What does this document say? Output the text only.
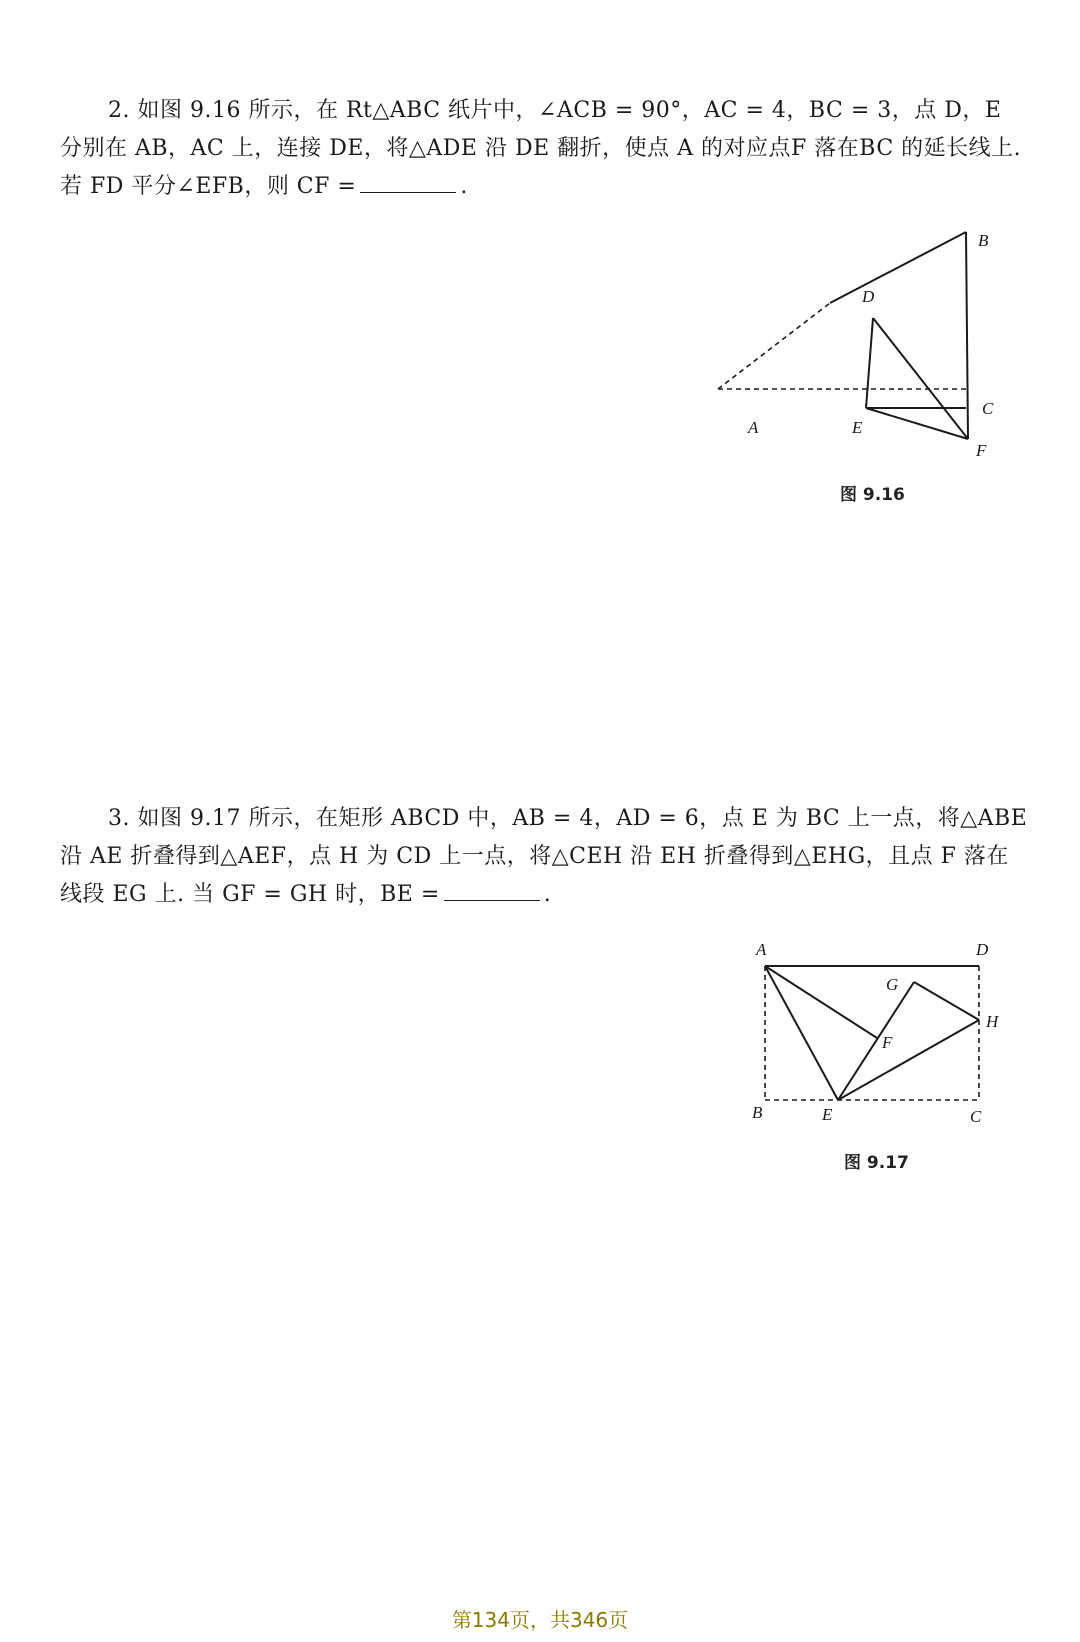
2. 如图 9.16 所示，在 Rt△ABC 纸片中，∠ACB = 90°，AC = 4，BC = 3，点 D，E 分别在 AB，AC 上，连接 DE，将△ADE 沿 DE 翻折，使点 A 的对应点F 落在BC 的延长线上. 若 FD 平分∠EFB，则 CF =	.

B
D
C
A	E
F
图 9.16

3. 如图 9.17 所示，在矩形 ABCD 中，AB = 4，AD = 6，点 E 为 BC 上一点，将△ABE 沿 AE 折叠得到△AEF，点 H 为 CD 上一点，将△CEH 沿 EH 折叠得到△EHG，且点 F 落在线段 EG 上. 当 GF = GH 时，BE =	.

A	D
G
H
F
B	E	C
图 9.17
第134页，共346页
